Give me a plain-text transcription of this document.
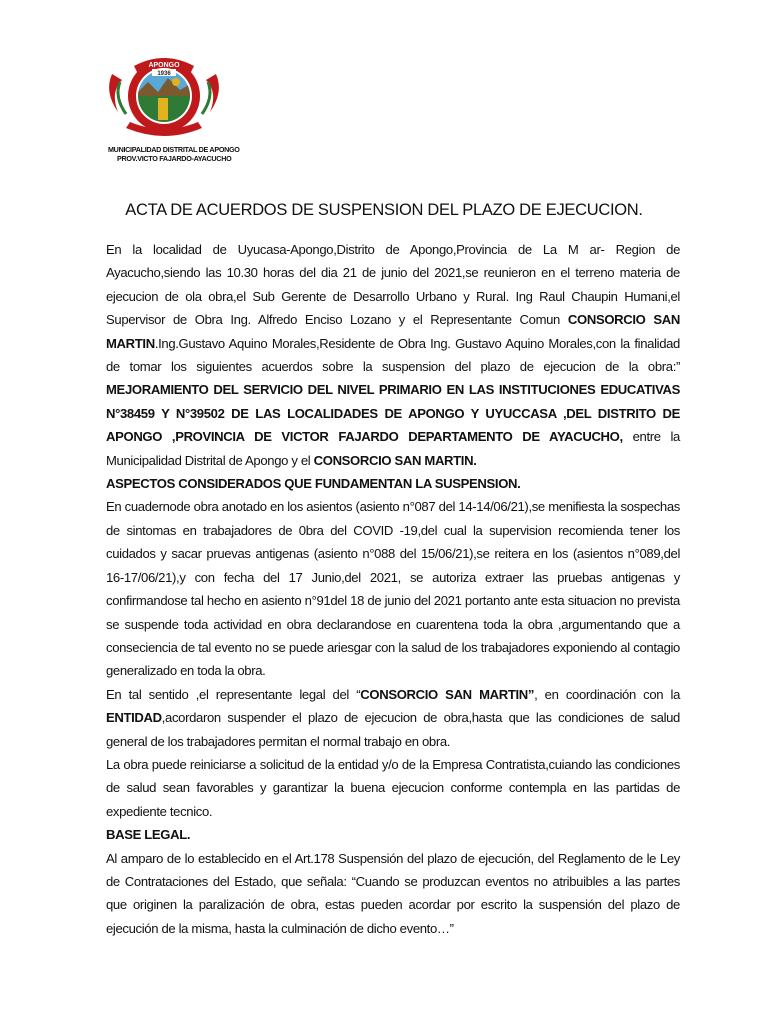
APONGO
1936
MUNICIPALIDAD DISTRITAL DE APONGO
PROV.VICTO FAJARDO-AYACUCHO
ACTA DE ACUERDOS DE SUSPENSION DEL PLAZO DE EJECUCION.

En la localidad de Uyucasa-Apongo,Distrito de Apongo,Provincia de La M ar- Region de Ayacucho,siendo las 10.30 horas del dia 21 de junio del 2021,se reunieron en el terreno materia de ejecucion de ola obra,el Sub Gerente de Desarrollo Urbano y Rural. Ing Raul Chaupin Humani,el Supervisor de Obra Ing. Alfredo Enciso Lozano y el Representante Comun CONSORCIO SAN MARTIN.Ing.Gustavo Aquino Morales,Residente de Obra Ing. Gustavo Aquino Morales,con la finalidad de tomar los siguientes acuerdos sobre la suspension del plazo de ejecucion de la obra:” MEJORAMIENTO DEL SERVICIO DEL NIVEL PRIMARIO EN LAS INSTITUCIONES EDUCATIVAS N°38459 Y N°39502 DE LAS LOCALIDADES DE APONGO Y UYUCCASA ,DEL DISTRITO DE APONGO ,PROVINCIA DE VICTOR FAJARDO DEPARTAMENTO DE AYACUCHO, entre la Municipalidad Distrital de Apongo y el CONSORCIO SAN MARTIN.

ASPECTOS CONSIDERADOS QUE FUNDAMENTAN LA SUSPENSION.

En cuadernode obra anotado en los asientos (asiento n°087 del 14-14/06/21),se menifiesta la sospechas de sintomas en trabajadores de 0bra del COVID -19,del cual la supervision recomienda tener los cuidados y sacar pruevas antigenas (asiento n°088 del 15/06/21),se reitera en los (asientos n°089,del 16-17/06/21),y con fecha del 17 Junio,del 2021, se autoriza extraer las pruebas antigenas y confirmandose tal hecho en asiento n°91del 18 de junio del 2021 portanto ante esta situacion no prevista se suspende toda actividad en obra declarandose en cuarentena toda la obra ,argumentando que a conseciencia de tal evento no se puede ariesgar con la salud de los trabajadores exponiendo al contagio generalizado en toda la obra.

En tal sentido ,el representante legal del “CONSORCIO SAN MARTIN”, en coordinación con la ENTIDAD,acordaron suspender el plazo de ejecucion de obra,hasta que las condiciones de salud general de los trabajadores permitan el normal trabajo en obra.

La obra puede reiniciarse a solicitud de la entidad y/o de la Empresa Contratista,cuiando las condiciones de salud sean favorables y garantizar la buena ejecucion conforme contempla en las partidas de expediente tecnico.

BASE LEGAL.

Al amparo de lo establecido en el Art.178 Suspensión del plazo de ejecución, del Reglamento de le Ley de Contrataciones del Estado, que señala: “Cuando se produzcan eventos no atribuibles a las partes que originen la paralización de obra, estas pueden acordar por escrito la suspensión del plazo de ejecución de la misma, hasta la culminación de dicho evento…”
